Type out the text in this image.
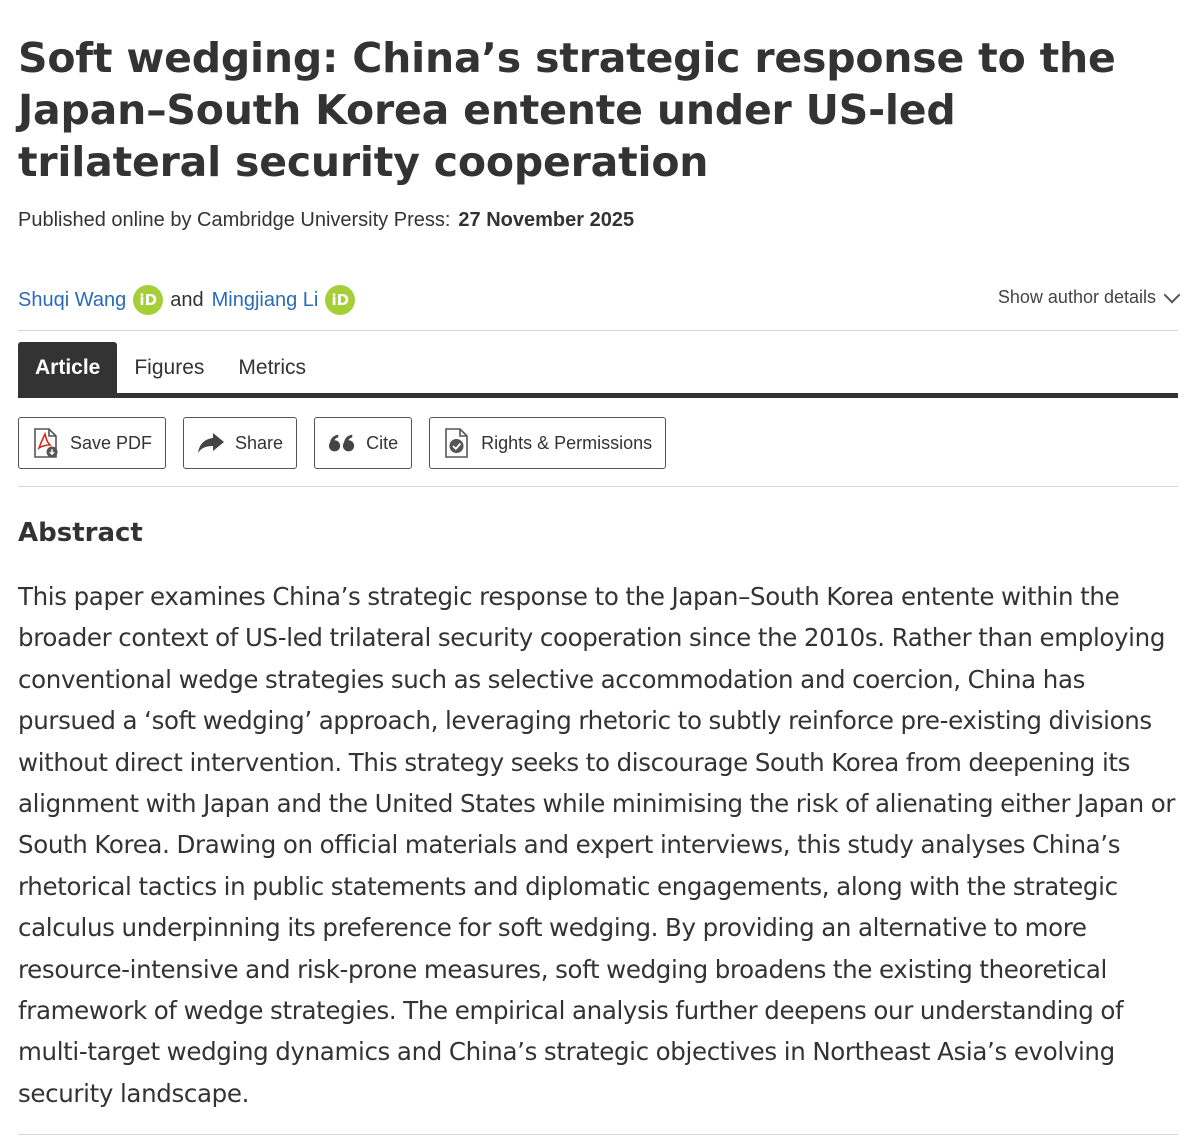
Soft wedging: China’s strategic response to the Japan–South Korea entente under US-led trilateral security cooperation
Published online by Cambridge University Press: 27 November 2025
Shuqi Wang iD and Mingjiang Li iD	Show author details
Article	Figures	Metrics
Save PDF	Share	Cite	Rights & Permissions
Abstract

This paper examines China’s strategic response to the Japan–South Korea entente within the broader context of US-led trilateral security cooperation since the 2010s. Rather than employing conventional wedge strategies such as selective accommodation and coercion, China has pursued a ‘soft wedging’ approach, leveraging rhetoric to subtly reinforce pre-existing divisions without direct intervention. This strategy seeks to discourage South Korea from deepening its alignment with Japan and the United States while minimising the risk of alienating either Japan or South Korea. Drawing on official materials and expert interviews, this study analyses China’s rhetorical tactics in public statements and diplomatic engagements, along with the strategic calculus underpinning its preference for soft wedging. By providing an alternative to more resource-intensive and risk-prone measures, soft wedging broadens the existing theoretical framework of wedge strategies. The empirical analysis further deepens our understanding of multi-target wedging dynamics and China’s strategic objectives in Northeast Asia’s evolving security landscape.
